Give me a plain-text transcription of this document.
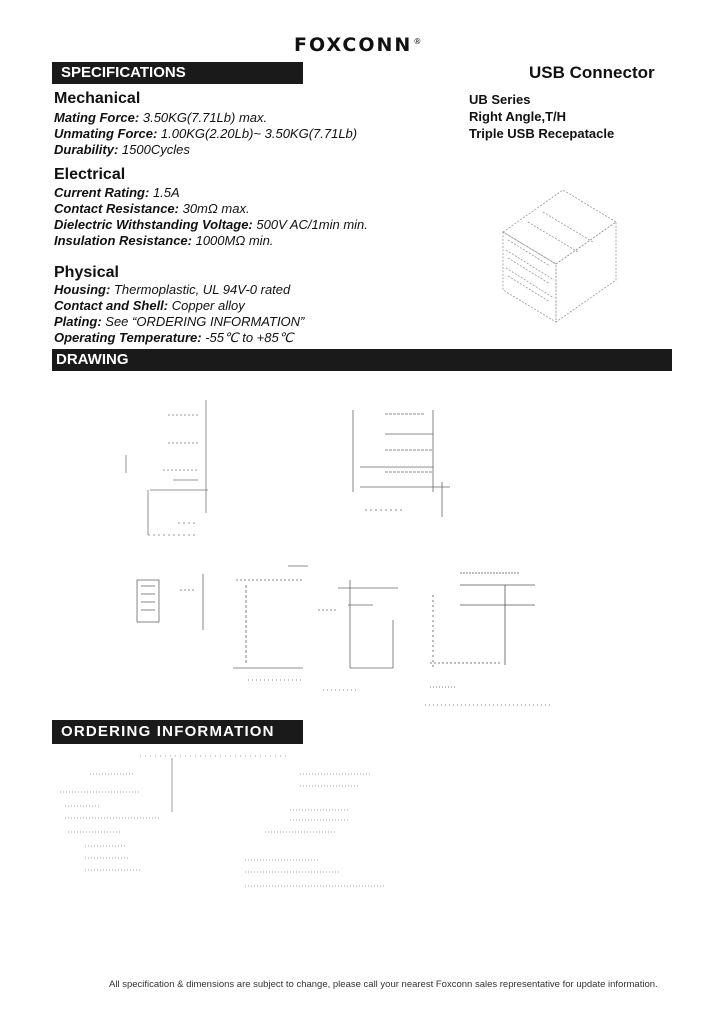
FOXCONN®
SPECIFICATIONS	USB Connector
UB Series
Right Angle,T/H
Triple USB Recepatacle
Mechanical
Mating Force: 3.50KG(7.71Lb) max.
Unmating Force: 1.00KG(2.20Lb)~ 3.50KG(7.71Lb)
Durability: 1500Cycles
Electrical
Current Rating: 1.5A
Contact Resistance: 30mΩ max.
Dielectric Withstanding Voltage: 500V AC/1min min.
Insulation Resistance: 1000MΩ min.
Physical
Housing: Thermoplastic, UL 94V-0 rated
Contact and Shell: Copper alloy
Plating: See “ORDERING INFORMATION”
Operating Temperature: -55℃ to +85℃
DRAWING
ORDERING INFORMATION
All specification & dimensions are subject to change, please call your nearest Foxconn sales representative for update information.
